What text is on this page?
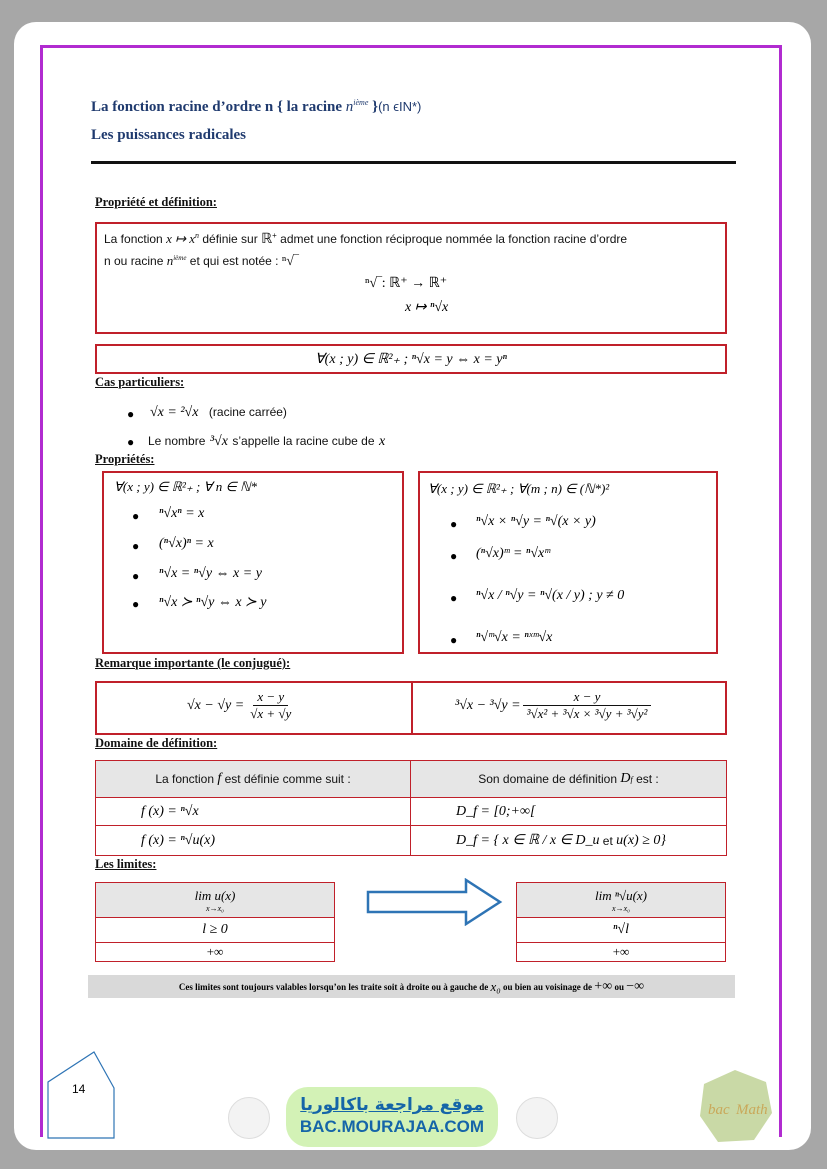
La fonction racine d’ordre n { la racine $n^{ième}$ }(n ϵIN*)
Les puissances radicales
Propriété et définition:
La fonction x ↦ $x^n$ définie sur ℝ+ admet une fonction réciproque nommée la fonction racine d’ordre
n ou racine $n^{ième}$ et qui est notée : ⁿ√‾
ⁿ√‾: ℝ⁺ → ℝ⁺
x ↦ ⁿ√x
∀(x ; y) ∈ ℝ²₊ ; ⁿ√x = y ⇔ x = yⁿ
Cas particuliers:
● √x = ²√x (racine carrée)
● Le nombre ³√x s’appelle la racine cube de x
Propriétés:
∀(x ; y) ∈ ℝ²₊ ; ∀ n ∈ ℕ*
● ⁿ√xⁿ = x
● (ⁿ√x)ⁿ = x
● ⁿ√x = ⁿ√y ⇔ x = y
● ⁿ√x ≻ ⁿ√y ⇔ x ≻ y
∀(x ; y) ∈ ℝ²₊ ; ∀(m ; n) ∈ (ℕ*)²
● ⁿ√x × ⁿ√y = ⁿ√(x × y)
● (ⁿ√x)ᵐ = ⁿ√xᵐ
● ⁿ√x / ⁿ√y = ⁿ√(x / y) ; y ≠ 0
● ⁿ√ᵐ√x = ⁿˣᵐ√x
Remarque importante (le conjugué):
$√x - √y = \frac{x - y}{√x + √y}$	$^3√x - ^3√y = \frac{x - y}{\text{³√x² + ³√x × ³√y + ³√y²}}$
Domaine de définition:
La fonction
f
est définie comme suit :	Son domaine de définition
D f
est :
f (x) = ⁿ√x	D_f = [0;+∞[
f (x) = ⁿ√u(x)	D_f = { x ∈ ℝ / x ∈ D_u
et
u(x) ≥ 0}
Les limites:
lim u(x)
x→x₀
l ≥ 0
+∞
lim ⁿ√u(x)
x→x₀
ⁿ√l
+∞
Ces limites sont toujours valables lorsqu’on les traite soit à droite ou à gauche de
x₀
ou bien au voisinage de
+∞
ou
−∞
14
موقع مراجعة باكالوريا
BAC.MOURAJAA.COM
bac Math
